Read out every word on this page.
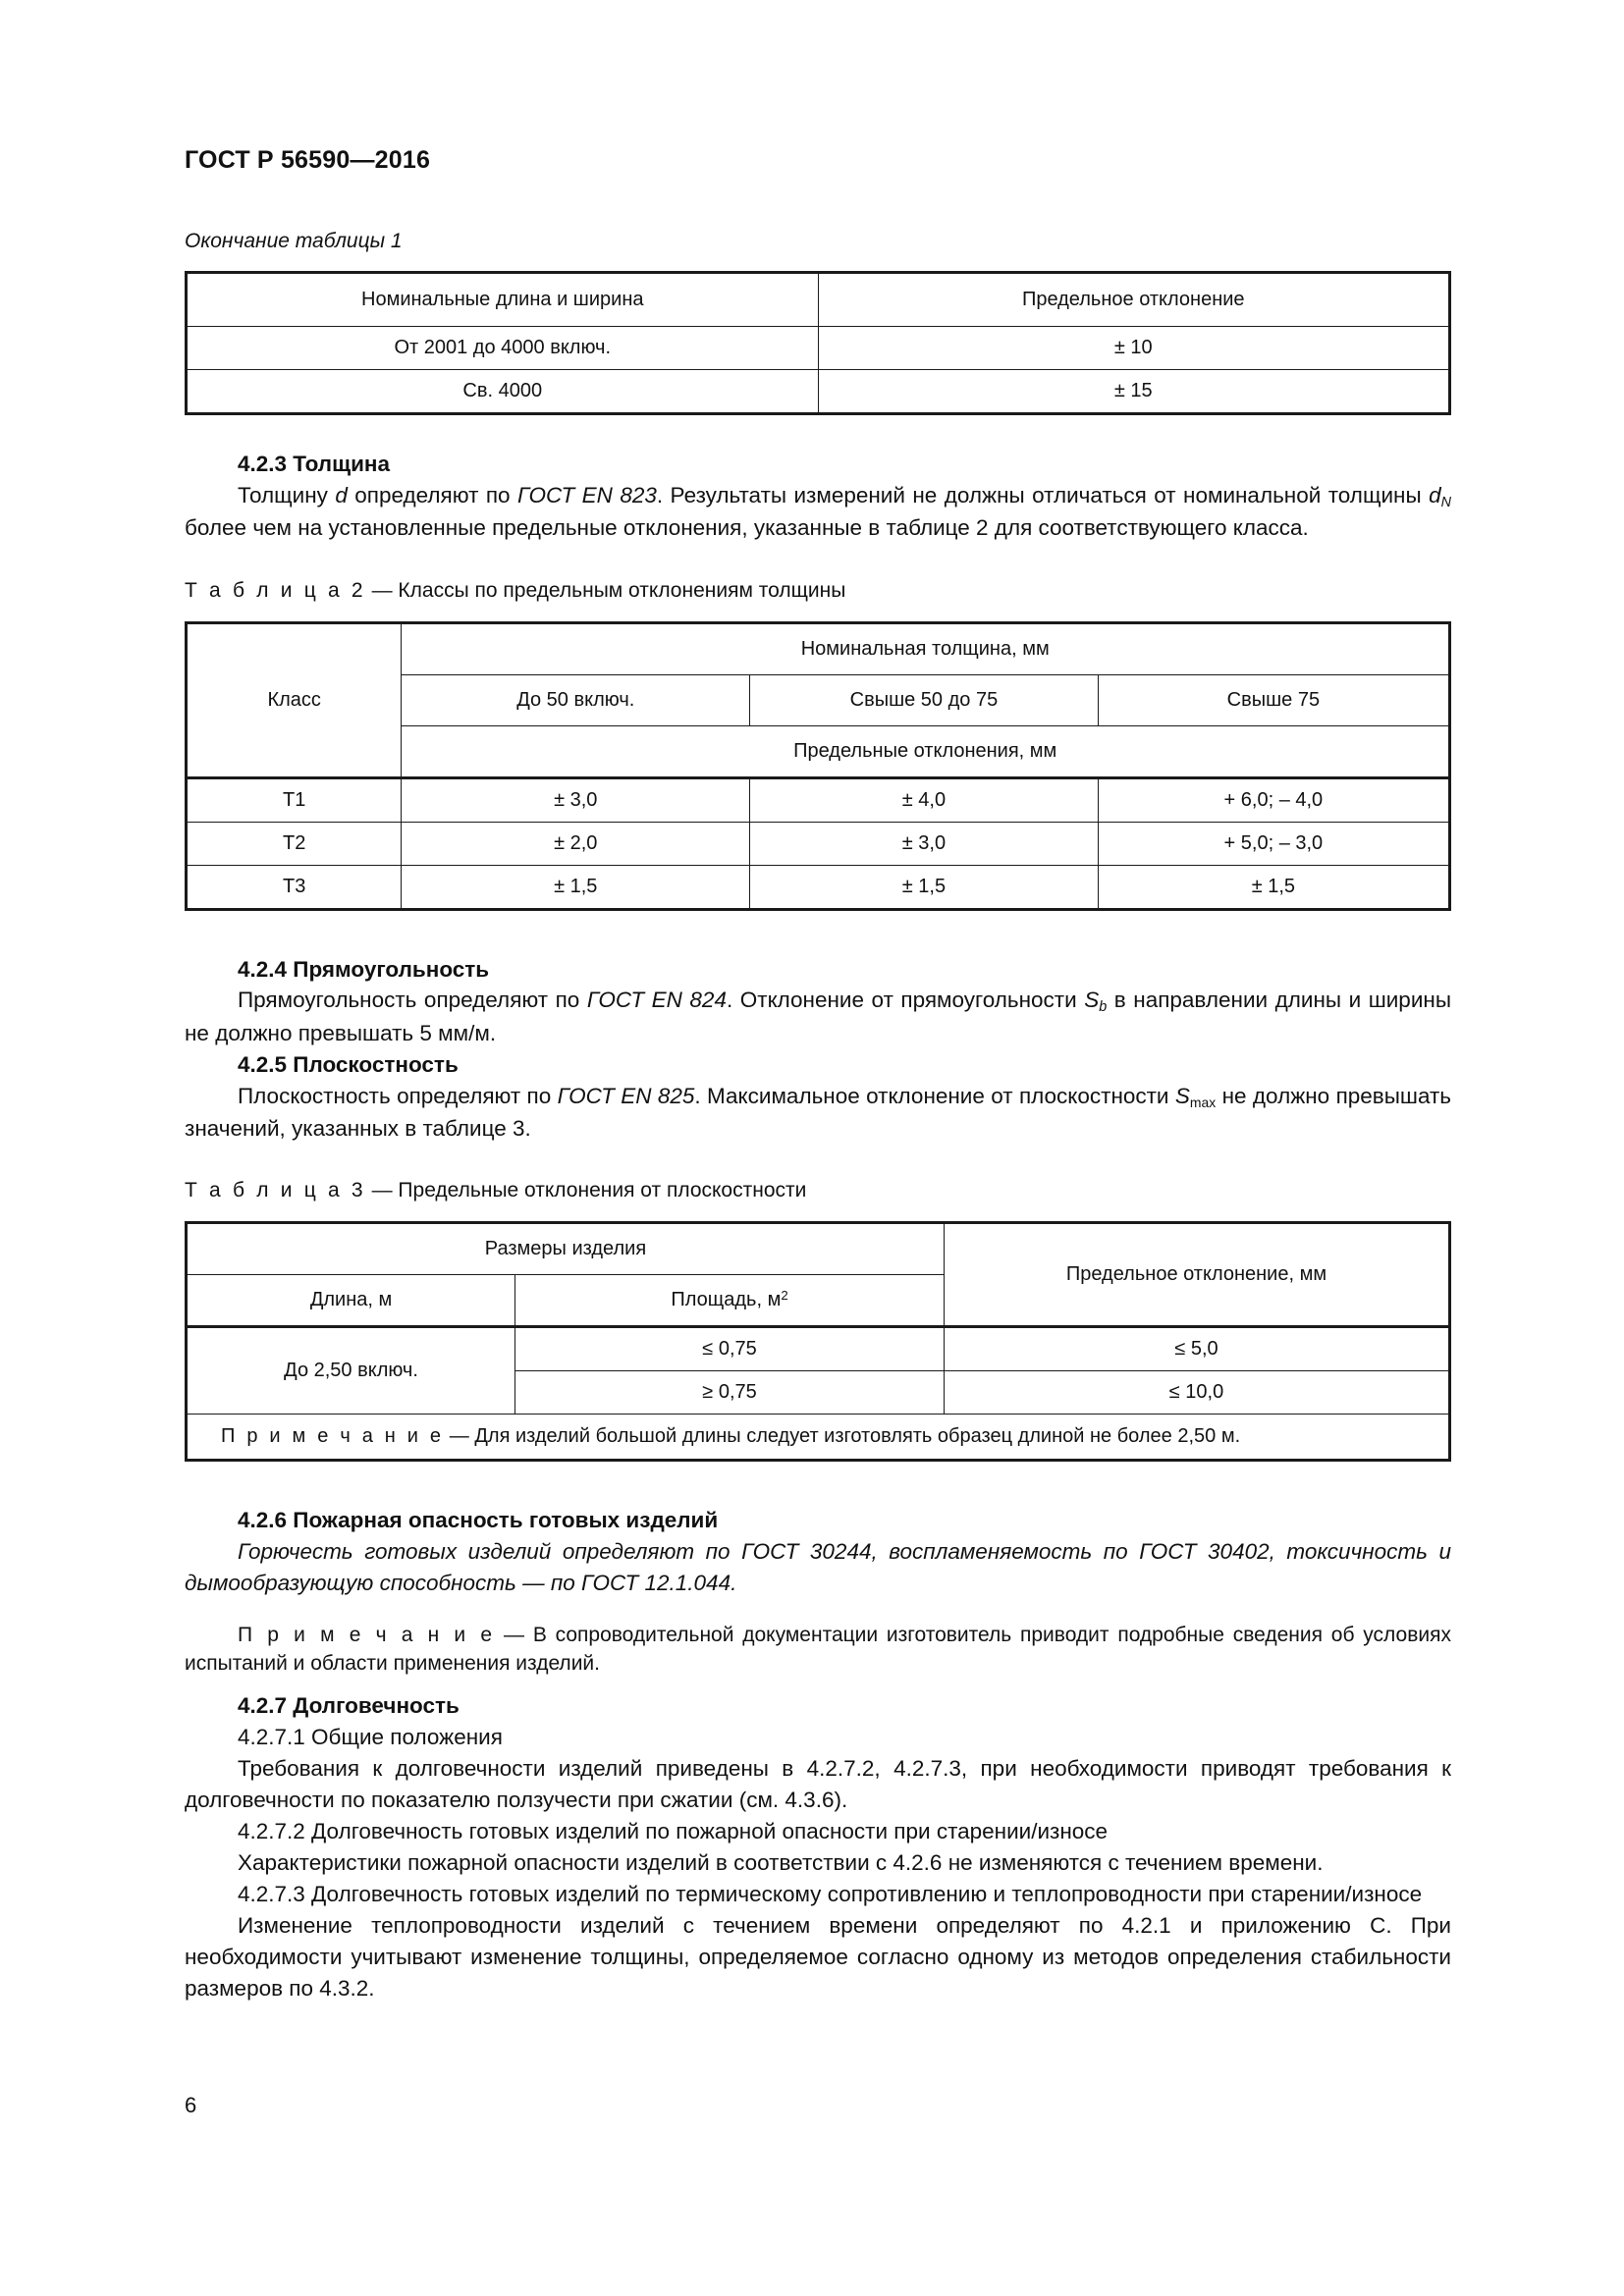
ГОСТ Р 56590—2016
Окончание таблицы 1
Номинальные длина и ширина	Предельное отклонение
От 2001 до 4000 включ.	± 10
Св. 4000	± 15
4.2.3 Толщина

Толщину d определяют по ГОСТ EN 823. Результаты измерений не должны отличаться от номинальной толщины $d_N$ более чем на установленные предельные отклонения, указанные в таблице 2 для соответствующего класса.

Т а б л и ц а 2 — Классы по предельным отклонениям толщины
Класс	Номинальная толщина, мм		
	До 50 включ.	Свыше 50 до 75	Свыше 75
	Предельные отклонения, мм		
Т1	± 3,0	± 4,0	+ 6,0; – 4,0
Т2	± 2,0	± 3,0	+ 5,0; – 3,0
Т3	± 1,5	± 1,5	± 1,5
4.2.4 Прямоугольность

Прямоугольность определяют по ГОСТ EN 824. Отклонение от прямоугольности $S_b$ в направлении длины и ширины не должно превышать 5 мм/м.

4.2.5 Плоскостность

Плоскостность определяют по ГОСТ EN 825. Максимальное отклонение от плоскостности $S_{max}$ не должно превышать значений, указанных в таблице 3.

Т а б л и ц а 3 — Предельные отклонения от плоскостности
Размеры изделия		Предельное отклонение, мм
Длина, м	Площадь, $м^2$
До 2,50 включ.	≤ 0,75	≤ 5,0
	≥ 0,75	≤ 10,0
П р и м е ч а н и е — Для изделий большой длины следует изготовлять образец длиной не более 2,50 м.		
4.2.6 Пожарная опасность готовых изделий

Горючесть готовых изделий определяют по ГОСТ 30244, воспламеняемость по ГОСТ 30402, токсичность и дымообразующую способность — по ГОСТ 12.1.044.

П р и м е ч а н и е — В сопроводительной документации изготовитель приводит подробные сведения об условиях испытаний и области применения изделий.

4.2.7 Долговечность

4.2.7.1 Общие положения

Требования к долговечности изделий приведены в 4.2.7.2, 4.2.7.3, при необходимости приводят требования к долговечности по показателю ползучести при сжатии (см. 4.3.6).

4.2.7.2 Долговечность готовых изделий по пожарной опасности при старении/износе

Характеристики пожарной опасности изделий в соответствии с 4.2.6 не изменяются с течением времени.

4.2.7.3 Долговечность готовых изделий по термическому сопротивлению и теплопроводности при старении/износе

Изменение теплопроводности изделий с течением времени определяют по 4.2.1 и приложению С. При необходимости учитывают изменение толщины, определяемое согласно одному из методов определения стабильности размеров по 4.3.2.

6
